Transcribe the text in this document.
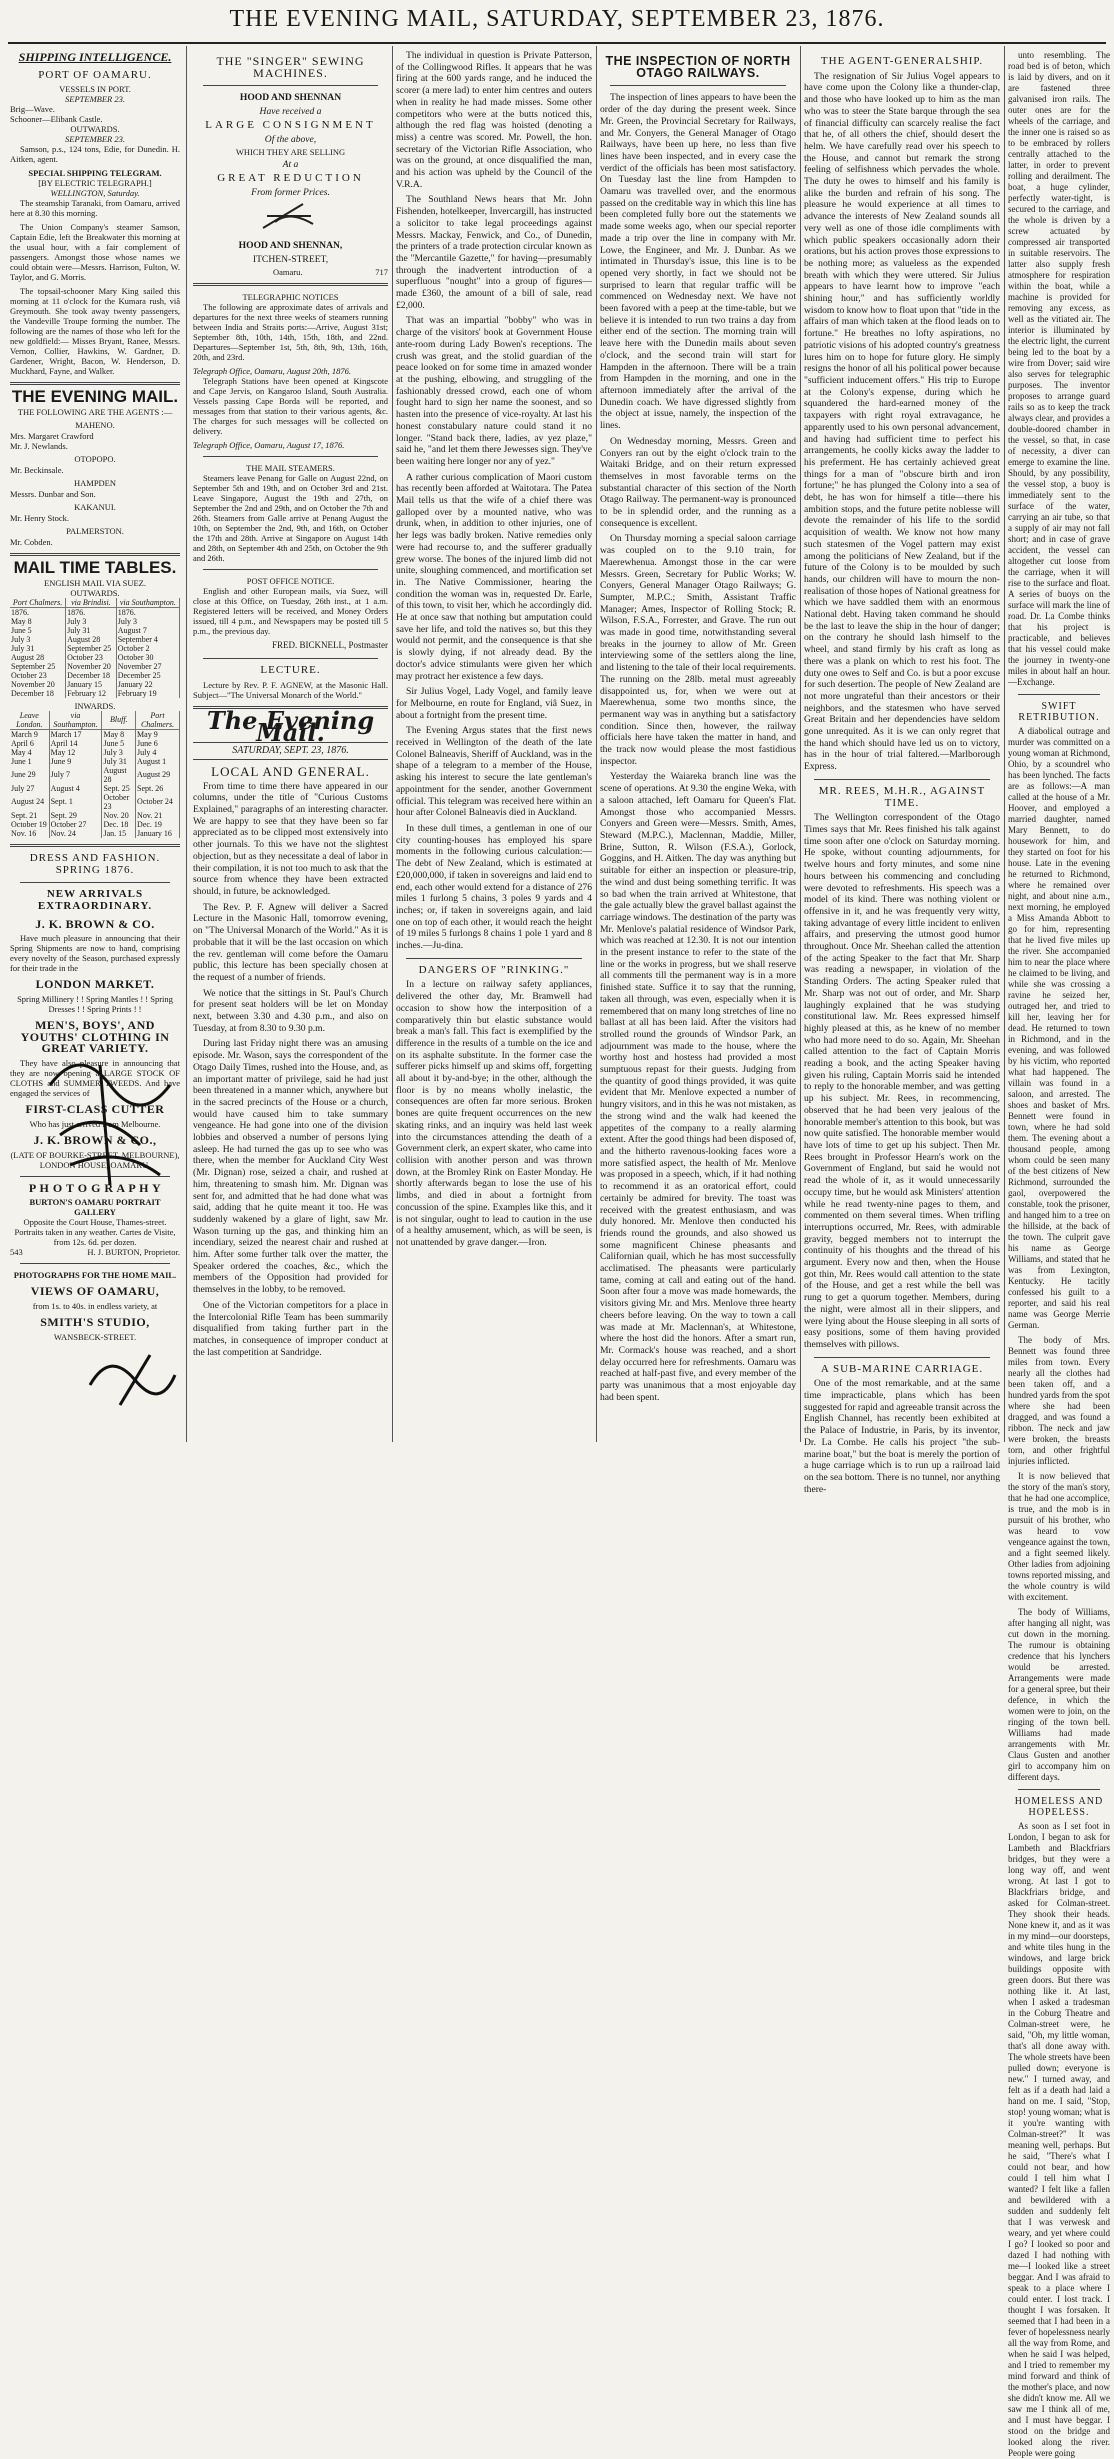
THE EVENING MAIL, SATURDAY, SEPTEMBER 23, 1876.
SHIPPING INTELLIGENCE.
PORT OF OAMARU.
VESSELS IN PORT.
SEPTEMBER 23.
Brig—Wave.
Schooner—Elibank Castle.
OUTWARDS.
SEPTEMBER 23.

Samson, p.s., 124 tons, Edie, for Dunedin. H. Aitken, agent.

SPECIAL SHIPPING TELEGRAM.
[BY ELECTRIC TELEGRAPH.]
WELLINGTON, Saturday.

The steamship Taranaki, from Oamaru, arrived here at 8.30 this morning.

The Union Company's steamer Samson, Captain Edie, left the Breakwater this morning at the usual hour, with a fair complement of passengers. Amongst those whose names we could obtain were—Messrs. Harrison, Fulton, W. Taylor, and G. Morris.

The topsail-schooner Mary King sailed this morning at 11 o'clock for the Kumara rush, viâ Greymouth. She took away twenty passengers, the Vandeville Troupe forming the number. The following are the names of those who left for the new goldfield:— Misses Bryant, Ranee, Messrs. Vernon, Collier, Hawkins, W. Gardner, D. Gardener, Wright, Bacon, W. Henderson, D. Muckhard, Fayne, and Walker.

THE EVENING MAIL.
THE FOLLOWING ARE THE AGENTS :—
MAHENO.
Mrs. Margaret Crawford
Mr. J. Newlands.
OTOPOPO.
Mr. Beckinsale.
HAMPDEN
Messrs. Dunbar and Son.
KAKANUI.
Mr. Henry Stock.
PALMERSTON.
Mr. Cobden.
MAIL TIME TABLES.
ENGLISH MAIL VIA SUEZ.
OUTWARDS.
Port Chalmers.	via Brindisi.	via Southampton.
1876.	1876.	1876.
May 8	July 3	July 3
June 5	July 31	August 7
July 3	August 28	September 4
July 31	September 25	October 2
August 28	October 23	October 30
September 25	November 20	November 27
October 23	December 18	December 25
November 20	January 15	January 22
December 18	February 12	February 19
INWARDS.
Leave London.	via Southampton.	Bluff.	Port Chalmers.
March 9	March 17	May 8	May 9
April 6	April 14	June 5	June 6
May 4	May 12	July 3	July 4
June 1	June 9	July 31	August 1
June 29	July 7	August 28	August 29
July 27	August 4	Sept. 25	Sept. 26
August 24	Sept. 1	October 23	October 24
Sept. 21	Sept. 29	Nov. 20	Nov. 21
October 19	October 27	Dec. 18	Dec. 19
Nov. 16	Nov. 24	Jan. 15	January 16
DRESS AND FASHION. SPRING 1876.
NEW ARRIVALS EXTRAORDINARY.
J. K. BROWN & CO.

Have much pleasure in announcing that their Spring Shipments are now to hand, comprising every novelty of the Season, purchased expressly for their trade in the

LONDON MARKET.
Spring Millinery ! ! Spring Mantles ! ! Spring Dresses ! ! Spring Prints ! !
MEN'S, BOYS', AND YOUTHS' CLOTHING IN GREAT VARIETY.

They have also pleasure in announcing that they are now opening a LARGE STOCK OF CLOTHS and SUMMER TWEEDS. And have engaged the services of

FIRST-CLASS CUTTER
Who has just arrived from Melbourne.
J. K. BROWN & CO.,
(LATE OF BOURKE-STREET, MELBOURNE), LONDON HOUSE, OAMARU.
P H O T O G R A P H Y
BURTON'S OAMARU PORTRAIT GALLERY
Opposite the Court House, Thames-street. Portraits taken in any weather. Cartes de Visite, from 12s. 6d. per dozen.
543	H. J. BURTON, Proprietor.
PHOTOGRAPHS FOR THE HOME MAIL.
VIEWS OF OAMARU,
from 1s. to 40s. in endless variety, at
SMITH'S STUDIO,
WANSBECK-STREET.
THE "SINGER" SEWING MACHINES.
HOOD AND SHENNAN
Have received a
LARGE CONSIGNMENT
Of the above,
WHICH THEY ARE SELLING
At a
GREAT REDUCTION
From former Prices.
HOOD AND SHENNAN,
ITCHEN-STREET,
Oamaru.	717
TELEGRAPHIC NOTICES

The following are approximate dates of arrivals and departures for the next three weeks of steamers running between India and Straits ports:—Arrive, August 31st; September 8th, 10th, 14th, 15th, 18th, and 22nd. Departures—September 1st, 5th, 8th, 9th, 13th, 16th, 20th, and 23rd.

Telegraph Office, Oamaru, August 20th, 1876.

Telegraph Stations have been opened at Kingscote and Cape Jervis, on Kangaroo Island, South Australia. Vessels passing Cape Borda will be reported, and messages from that station to their various agents, &c. The charges for such messages will be collected on delivery.

Telegraph Office, Oamaru, August 17, 1876.
THE MAIL STEAMERS.

Steamers leave Penang for Galle on August 22nd, on September 5th and 19th, and on October 3rd and 21st. Leave Singapore, August the 19th and 27th, on September the 2nd and 29th, and on October the 7th and 26th. Steamers from Galle arrive at Penang August the 10th, on September the 2nd, 9th, and 16th, on October the 17th and 28th. Arrive at Singapore on August 14th and 28th, on September 4th and 25th, on October the 9th and 26th.

POST OFFICE NOTICE.

English and other European mails, via Suez, will close at this Office, on Tuesday, 26th inst., at 1 a.m. Registered letters will be received, and Money Orders issued, till 4 p.m., and Newspapers may be posted till 5 p.m., the previous day.

FRED. BICKNELL, Postmaster
LECTURE.

Lecture by Rev. P. F. AGNEW, at the Masonic Hall. Subject—"The Universal Monarch of the World."

The Evening Mail.
SATURDAY, SEPT. 23, 1876.
LOCAL AND GENERAL.

From time to time there have appeared in our columns, under the title of "Curious Customs Explained," paragraphs of an interesting character. We are happy to see that they have been so far appreciated as to be clipped most extensively into other journals. To this we have not the slightest objection, but as they necessitate a deal of labor in their compilation, it is not too much to ask that the source from whence they have been extracted should, in future, be acknowledged.

The Rev. P. F. Agnew will deliver a Sacred Lecture in the Masonic Hall, tomorrow evening, on "The Universal Monarch of the World." As it is probable that it will be the last occasion on which the rev. gentleman will come before the Oamaru public, this lecture has been specially chosen at the request of a number of friends.

We notice that the sittings in St. Paul's Church for present seat holders will be let on Monday next, between 3.30 and 4.30 p.m., and also on Tuesday, at from 8.30 to 9.30 p.m.

During last Friday night there was an amusing episode. Mr. Wason, says the correspondent of the Otago Daily Times, rushed into the House, and, as an important matter of privilege, said he had just been threatened in a manner which, anywhere but in the sacred precincts of the House or a church, would have caused him to take summary vengeance. He had gone into one of the division lobbies and observed a number of persons lying asleep. He had turned the gas up to see who was there, when the member for Auckland City West (Mr. Dignan) rose, seized a chair, and rushed at him, threatening to smash him. Mr. Dignan was sent for, and admitted that he had done what was said, adding that he quite meant it too. He was suddenly wakened by a glare of light, saw Mr. Wason turning up the gas, and thinking him an incendiary, seized the nearest chair and rushed at him. After some further talk over the matter, the Speaker ordered the coaches, &c., which the members of the Opposition had provided for themselves in the lobby, to be removed.

One of the Victorian competitors for a place in the Intercolonial Rifle Team has been summarily disqualified from taking further part in the matches, in consequence of improper conduct at the last competition at Sandridge.

The individual in question is Private Patterson, of the Collingwood Rifles. It appears that he was firing at the 600 yards range, and he induced the scorer (a mere lad) to enter him centres and outers when in reality he had made misses. Some other competitors who were at the butts noticed this, although the red flag was hoisted (denoting a miss) a centre was scored. Mr. Powell, the hon. secretary of the Victorian Rifle Association, who was on the ground, at once disqualified the man, and his action was upheld by the Council of the V.R.A.

The Southland News hears that Mr. John Fishenden, hotelkeeper, Invercargill, has instructed a solicitor to take legal proceedings against Messrs. Mackay, Fenwick, and Co., of Dunedin, the printers of a trade protection circular known as the "Mercantile Gazette," for having—presumably through the inadvertent introduction of a superfluous "nought" into a group of figures—made £360, the amount of a bill of sale, read £2,000.

That was an impartial "bobby" who was in charge of the visitors' book at Government House ante-room during Lady Bowen's receptions. The crush was great, and the stolid guardian of the peace looked on for some time in amazed wonder at the pushing, elbowing, and struggling of the fashionably dressed crowd, each one of whom fought hard to sign her name the soonest, and so hasten into the presence of vice-royalty. At last his honest constabulary nature could stand it no longer. "Stand back there, ladies, av yez plaze," said he, "and let them there Jewesses sign. They've been waiting here longer nor any of yez."

A rather curious complication of Maori custom has recently been afforded at Waitotara. The Patea Mail tells us that the wife of a chief there was galloped over by a mounted native, who was drunk, when, in addition to other injuries, one of her legs was badly broken. Native remedies only were had recourse to, and the sufferer gradually grew worse. The bones of the injured limb did not unite, sloughing commenced, and mortification set in. The Native Commissioner, hearing the condition the woman was in, requested Dr. Earle, of this town, to visit her, which he accordingly did. He at once saw that nothing but amputation could save her life, and told the natives so, but this they would not permit, and the consequence is that she is slowly dying, if not already dead. By the doctor's advice stimulants were given her which may protract her existence a few days.

Sir Julius Vogel, Lady Vogel, and family leave for Melbourne, en route for England, viâ Suez, in about a fortnight from the present time.

The Evening Argus states that the first news received in Wellington of the death of the late Colonel Balneavis, Sheriff of Auckland, was in the shape of a telegram to a member of the House, asking his interest to secure the late gentleman's appointment for the sender, another Government official. This telegram was received here within an hour after Colonel Balneavis died in Auckland.

In these dull times, a gentleman in one of our city counting-houses has employed his spare moments in the following curious calculation:—The debt of New Zealand, which is estimated at £20,000,000, if taken in sovereigns and laid end to end, each other would extend for a distance of 276 miles 1 furlong 5 chains, 3 poles 9 yards and 4 inches; or, if taken in sovereigns again, and laid one on top of each other, it would reach the height of 19 miles 5 furlongs 8 chains 1 pole 1 yard and 8 inches.—Ju-dina.

DANGERS OF "RINKING."

In a lecture on railway safety appliances, delivered the other day, Mr. Bramwell had occasion to show how the interposition of a comparatively thin but elastic substance would break a man's fall. This fact is exemplified by the difference in the results of a tumble on the ice and on its asphalte substitute. In the former case the sufferer picks himself up and skims off, forgetting all about it by-and-bye; in the other, although the floor is by no means wholly inelastic, the consequences are often far more serious. Broken bones are quite frequent occurrences on the new skating rinks, and an inquiry was held last week into the circumstances attending the death of a Government clerk, an expert skater, who came into collision with another person and was thrown down, at the Bromley Rink on Easter Monday. He shortly afterwards began to lose the use of his limbs, and died in about a fortnight from concussion of the spine. Examples like this, and it is not singular, ought to lead to caution in the use of a healthy amusement, which, as will be seen, is not unattended by grave danger.—Iron.

THE INSPECTION OF NORTH OTAGO RAILWAYS.

The inspection of lines appears to have been the order of the day during the present week. Since Mr. Green, the Provincial Secretary for Railways, and Mr. Conyers, the General Manager of Otago Railways, have been up here, no less than five lines have been inspected, and in every case the verdict of the officials has been most satisfactory. On Tuesday last the line from Hampden to Oamaru was travelled over, and the enormous passed on the creditable way in which this line has been completed fully bore out the statements we made some weeks ago, when our special reporter made a trip over the line in company with Mr. Lowe, the Engineer, and Mr. J. Dunbar. As we intimated in Thursday's issue, this line is to be opened very shortly, in fact we should not be surprised to learn that regular traffic will be commenced on Wednesday next. We have not been favored with a peep at the time-table, but we believe it is intended to run two trains a day from either end of the section. The morning train will leave here with the Dunedin mails about seven o'clock, and the second train will start for Hampden in the afternoon. There will be a train from Hampden in the morning, and one in the afternoon immediately after the arrival of the Dunedin coach. We have digressed slightly from the object at issue, namely, the inspection of the lines.

On Wednesday morning, Messrs. Green and Conyers ran out by the eight o'clock train to the Waitaki Bridge, and on their return expressed themselves in most favorable terms on the substantial character of this section of the North Otago Railway. The permanent-way is pronounced to be in splendid order, and the running as a consequence is excellent.

On Thursday morning a special saloon carriage was coupled on to the 9.10 train, for Maerewhenua. Amongst those in the car were Messrs. Green, Secretary for Public Works; W. Conyers, General Manager Otago Railways; G. Sumpter, M.P.C.; Smith, Assistant Traffic Manager; Ames, Inspector of Rolling Stock; R. Wilson, F.S.A., Forrester, and Grave. The run out was made in good time, notwithstanding several breaks in the journey to allow of Mr. Green interviewing some of the settlers along the line, and listening to the tale of their local requirements. The running on the 28lb. metal must agreeably disappointed us, for, when we were out at Maerewhenua, some two months since, the permanent way was in anything but a satisfactory condition. Since then, however, the railway officials here have taken the matter in hand, and the track now would please the most fastidious inspector.

Yesterday the Waiareka branch line was the scene of operations. At 9.30 the engine Weka, with a saloon attached, left Oamaru for Queen's Flat. Amongst those who accompanied Messrs. Conyers and Green were—Messrs. Smith, Ames, Steward (M.P.C.), Maclennan, Maddie, Miller, Brine, Sutton, R. Wilson (F.S.A.), Gorlock, Goggins, and H. Aitken. The day was anything but suitable for either an inspection or pleasure-trip, the wind and dust being something terrific. It was so bad when the train arrived at Whitestone, that the gale actually blew the gravel ballast against the carriage windows. The destination of the party was Mr. Menlove's palatial residence of Windsor Park, which was reached at 12.30. It is not our intention in the present instance to refer to the state of the line or the works in progress, but we shall reserve all comments till the permanent way is in a more finished state. Suffice it to say that the running, taken all through, was even, especially when it is remembered that on many long stretches of line no ballast at all has been laid. After the visitors had strolled round the grounds of Windsor Park, an adjournment was made to the house, where the worthy host and hostess had provided a most sumptuous repast for their guests. Judging from the quantity of good things provided, it was quite evident that Mr. Menlove expected a number of hungry visitors, and in this he was not mistaken, as the strong wind and the walk had keened the appetites of the company to a really alarming extent. After the good things had been disposed of, and the hitherto ravenous-looking faces wore a more satisfied aspect, the health of Mr. Menlove was proposed in a speech, which, if it had nothing to recommend it as an oratorical effort, could certainly be admired for brevity. The toast was received with the greatest enthusiasm, and was duly honored. Mr. Menlove then conducted his friends round the grounds, and also showed us some magnificent Chinese pheasants and Californian quail, which he has most successfully acclimatised. The pheasants were particularly tame, coming at call and eating out of the hand. Soon after four a move was made homewards, the visitors giving Mr. and Mrs. Menlove three hearty cheers before leaving. On the way to town a call was made at Mr. Maclennan's, at Whitestone, where the host did the honors. After a smart run, Mr. Cormack's house was reached, and a short delay occurred here for refreshments. Oamaru was reached at half-past five, and every member of the party was unanimous that a most enjoyable day had been spent.

THE AGENT-GENERALSHIP.

The resignation of Sir Julius Vogel appears to have come upon the Colony like a thunder-clap, and those who have looked up to him as the man who was to steer the State barque through the sea of financial difficulty can scarcely realise the fact that he, of all others the chief, should desert the helm. We have carefully read over his speech to the House, and cannot but remark the strong feeling of selfishness which pervades the whole. The duty he owes to himself and his family is alike the burden and refrain of his song. The pleasure he would experience at all times to advance the interests of New Zealand sounds all very well as one of those idle compliments with which public speakers occasionally adorn their orations, but his action proves those expressions to be nothing more; as valueless as the expended breath with which they were uttered. Sir Julius appears to have learnt how to improve "each shining hour," and has sufficiently worldly wisdom to know how to float upon that "tide in the affairs of man which taken at the flood leads on to fortune." He breathes no lofty aspirations, no patriotic visions of his adopted country's greatness lures him on to hope for future glory. He simply resigns the honor of all his political power because "sufficient inducement offers." His trip to Europe at the Colony's expense, during which he squandered the hard-earned money of the taxpayers with right royal extravagance, he apparently used to his own personal advancement, and having had sufficient time to perfect his arrangements, he coolly kicks away the ladder to his preferment. He has certainly achieved great things for a man of "obscure birth and iron fortune;" he has plunged the Colony into a sea of debt, he has won for himself a title—there his ambition stops, and the future petite noblesse will devote the remainder of his life to the sordid acquisition of wealth. We know not how many such statesmen of the Vogel pattern may exist among the politicians of New Zealand, but if the future of the Colony is to be moulded by such hands, our children will have to mourn the non-realisation of those hopes of National greatness for which we have saddled them with an enormous National debt. Having taken command he should be the last to leave the ship in the hour of danger; on the contrary he should lash himself to the wheel, and stand firmly by his craft as long as there was a plank on which to rest his foot. The duty one owes to Self and Co. is but a poor excuse for such desertion. The people of New Zealand are not more ungrateful than their ancestors or their neighbors, and the statesmen who have served Great Britain and her dependencies have seldom gone unrequited. As it is we can only regret that the hand which should have led us on to victory, has in the hour of trial faltered.—Marlborough Express.

MR. REES, M.H.R., AGAINST TIME.

The Wellington correspondent of the Otago Times says that Mr. Rees finished his talk against time soon after one o'clock on Saturday morning. He spoke, without counting adjournments, for twelve hours and forty minutes, and some nine hours between his commencing and concluding were devoted to refreshments. His speech was a model of its kind. There was nothing violent or offensive in it, and he was frequently very witty, taking advantage of every little incident to enliven affairs, and preserving the utmost good humor throughout. Once Mr. Sheehan called the attention of the acting Speaker to the fact that Mr. Sharp was reading a newspaper, in violation of the Standing Orders. The acting Speaker ruled that Mr. Sharp was not out of order, and Mr. Sharp laughingly explained that he was studying constitutional law. Mr. Rees expressed himself highly pleased at this, as he knew of no member who had more need to do so. Again, Mr. Sheehan called attention to the fact of Captain Morris reading a book, and the acting Speaker having given his ruling, Captain Morris said he intended to reply to the honorable member, and was getting up his subject. Mr. Rees, in recommencing, observed that he had been very jealous of the honorable member's attention to this book, but was now quite satisfied. The honorable member would have lots of time to get up his subject. Then Mr. Rees brought in Professor Hearn's work on the Government of England, but said he would not read the whole of it, as it would unnecessarily occupy time, but he would ask Ministers' attention while he read twenty-nine pages to them, and commented on them several times. When trifling interruptions occurred, Mr. Rees, with admirable gravity, begged members not to interrupt the continuity of his thoughts and the thread of his argument. Every now and then, when the House got thin, Mr. Rees would call attention to the state of the House, and get a rest while the bell was rung to get a quorum together. Members, during the night, were almost all in their slippers, and were lying about the House sleeping in all sorts of easy positions, some of them having provided themselves with pillows.

A SUB-MARINE CARRIAGE.

One of the most remarkable, and at the same time impracticable, plans which has been suggested for rapid and agreeable transit across the English Channel, has recently been exhibited at the Palace of Industrie, in Paris, by its inventor, Dr. La Combe. He calls his project "the sub-marine boat," but the boat is merely the portion of a huge carriage which is to run up a railroad laid on the sea bottom. There is no tunnel, nor anything there-

unto resembling. The road bed is of beton, which is laid by divers, and on it are fastened three galvanised iron rails. The outer ones are for the wheels of the carriage, and the inner one is raised so as to be embraced by rollers centrally attached to the latter, in order to prevent rolling and derailment. The boat, a huge cylinder, perfectly water-tight, is secured to the carriage, and the whole is driven by a screw actuated by compressed air transported in suitable reservoirs. The latter also supply fresh atmosphere for respiration within the boat, while a machine is provided for removing any excess, as well as the vitiated air. The interior is illuminated by the electric light, the current being led to the boat by a wire from Dover; said wire also serves for telegraphic purposes. The inventor proposes to arrange guard rails so as to keep the track always clear, and provides a double-doored chamber in the vessel, so that, in case of necessity, a diver can emerge to examine the line. Should, by any possibility, the vessel stop, a buoy is immediately sent to the surface of the water, carrying an air tube, so that a supply of air may not fall short; and in case of grave accident, the vessel can altogether cut loose from the carriage, when it will rise to the surface and float. A series of buoys on the surface will mark the line of road. Dr. La Combe thinks that his project is practicable, and believes that his vessel could make the journey in twenty-one miles in about half an hour.—Exchange.

SWIFT RETRIBUTION.

A diabolical outrage and murder was committed on a young woman at Richmond, Ohio, by a scoundrel who has been lynched. The facts are as follows:—A man called at the house of a Mr. Hoover, and employed a married daughter, named Mary Bennett, to do housework for him, and they started on foot for his house. Late in the evening he returned to Richmond, where he remained over night, and about nine a.m., next morning, he employed a Miss Amanda Abbott to go for him, representing that he lived five miles up the river. She accompanied him to near the place where he claimed to be living, and while she was crossing a ravine he seized her, outraged her, and tried to kill her, leaving her for dead. He returned to town in Richmond, and in the evening, and was followed by his victim, who reported what had happened. The villain was found in a saloon, and arrested. The shoes and basket of Mrs. Bennett were found in town, where he had sold them. The evening about a thousand people, among whom could be seen many of the best citizens of New Richmond, surrounded the gaol, overpowered the constable, took the prisoner, and hanged him to a tree on the hillside, at the back of the town. The culprit gave his name as George Williams, and stated that he was from Lexington, Kentucky. He tacitly confessed his guilt to a reporter, and said his real name was George Merrie German.

The body of Mrs. Bennett was found three miles from town. Every nearly all the clothes had been taken off, and a hundred yards from the spot where she had been dragged, and was found a ribbon. The neck and jaw were broken, the breasts torn, and other frightful injuries inflicted.

It is now believed that the story of the man's story, that he had one accomplice, is true, and the mob is in pursuit of his brother, who was heard to vow vengeance against the town, and a fight seemed likely. Other ladies from adjoining towns reported missing, and the whole country is wild with excitement.

The body of Williams, after hanging all night, was cut down in the morning. The rumour is obtaining credence that his lynchers would be arrested. Arrangements were made for a general spree, but their defence, in which the women were to join, on the ringing of the town bell. Williams had made arrangements with Mr. Claus Gusten and another girl to accompany him on different days.

HOMELESS AND HOPELESS.

As soon as I set foot in London, I began to ask for Lambeth and Blackfriars bridges, but they were a long way off, and went wrong. At last I got to Blackfriars bridge, and asked for Colman-street. They shook their heads. None knew it, and as it was in my mind—our doorsteps, and white tiles hung in the windows, and large brick buildings opposite with green doors. But there was nothing like it. At last, when I asked a tradesman in the Coburg Theatre and Colman-street were, he said, "Oh, my little woman, that's all done away with. The whole streets have been pulled down; everyone is new." I turned away, and felt as if a death had laid a hand on me. I said, "Stop, stop! young woman; what is it you're wanting with Colman-street?" It was meaning well, perhaps. But he said, "There's what I could not bear, and how could I tell him what I wanted? I felt like a fallen and bewildered with a sudden and suddenly felt that I was verwesk and weary, and yet where could I go? I looked so poor and dazed I had nothing with me—I looked like a street beggar. And I was afraid to speak to a place where I could enter. I lost track. I thought I was forsaken. It seemed that I had been in a fever of hopelessness nearly all the way from Rome, and when he said I was helped, and I tried to remember my mind forward and think of the mother's place, and now she didn't know me. All we saw me I think all of me, and I must have beggar. I stood on the bridge and looked along the river. People were going
